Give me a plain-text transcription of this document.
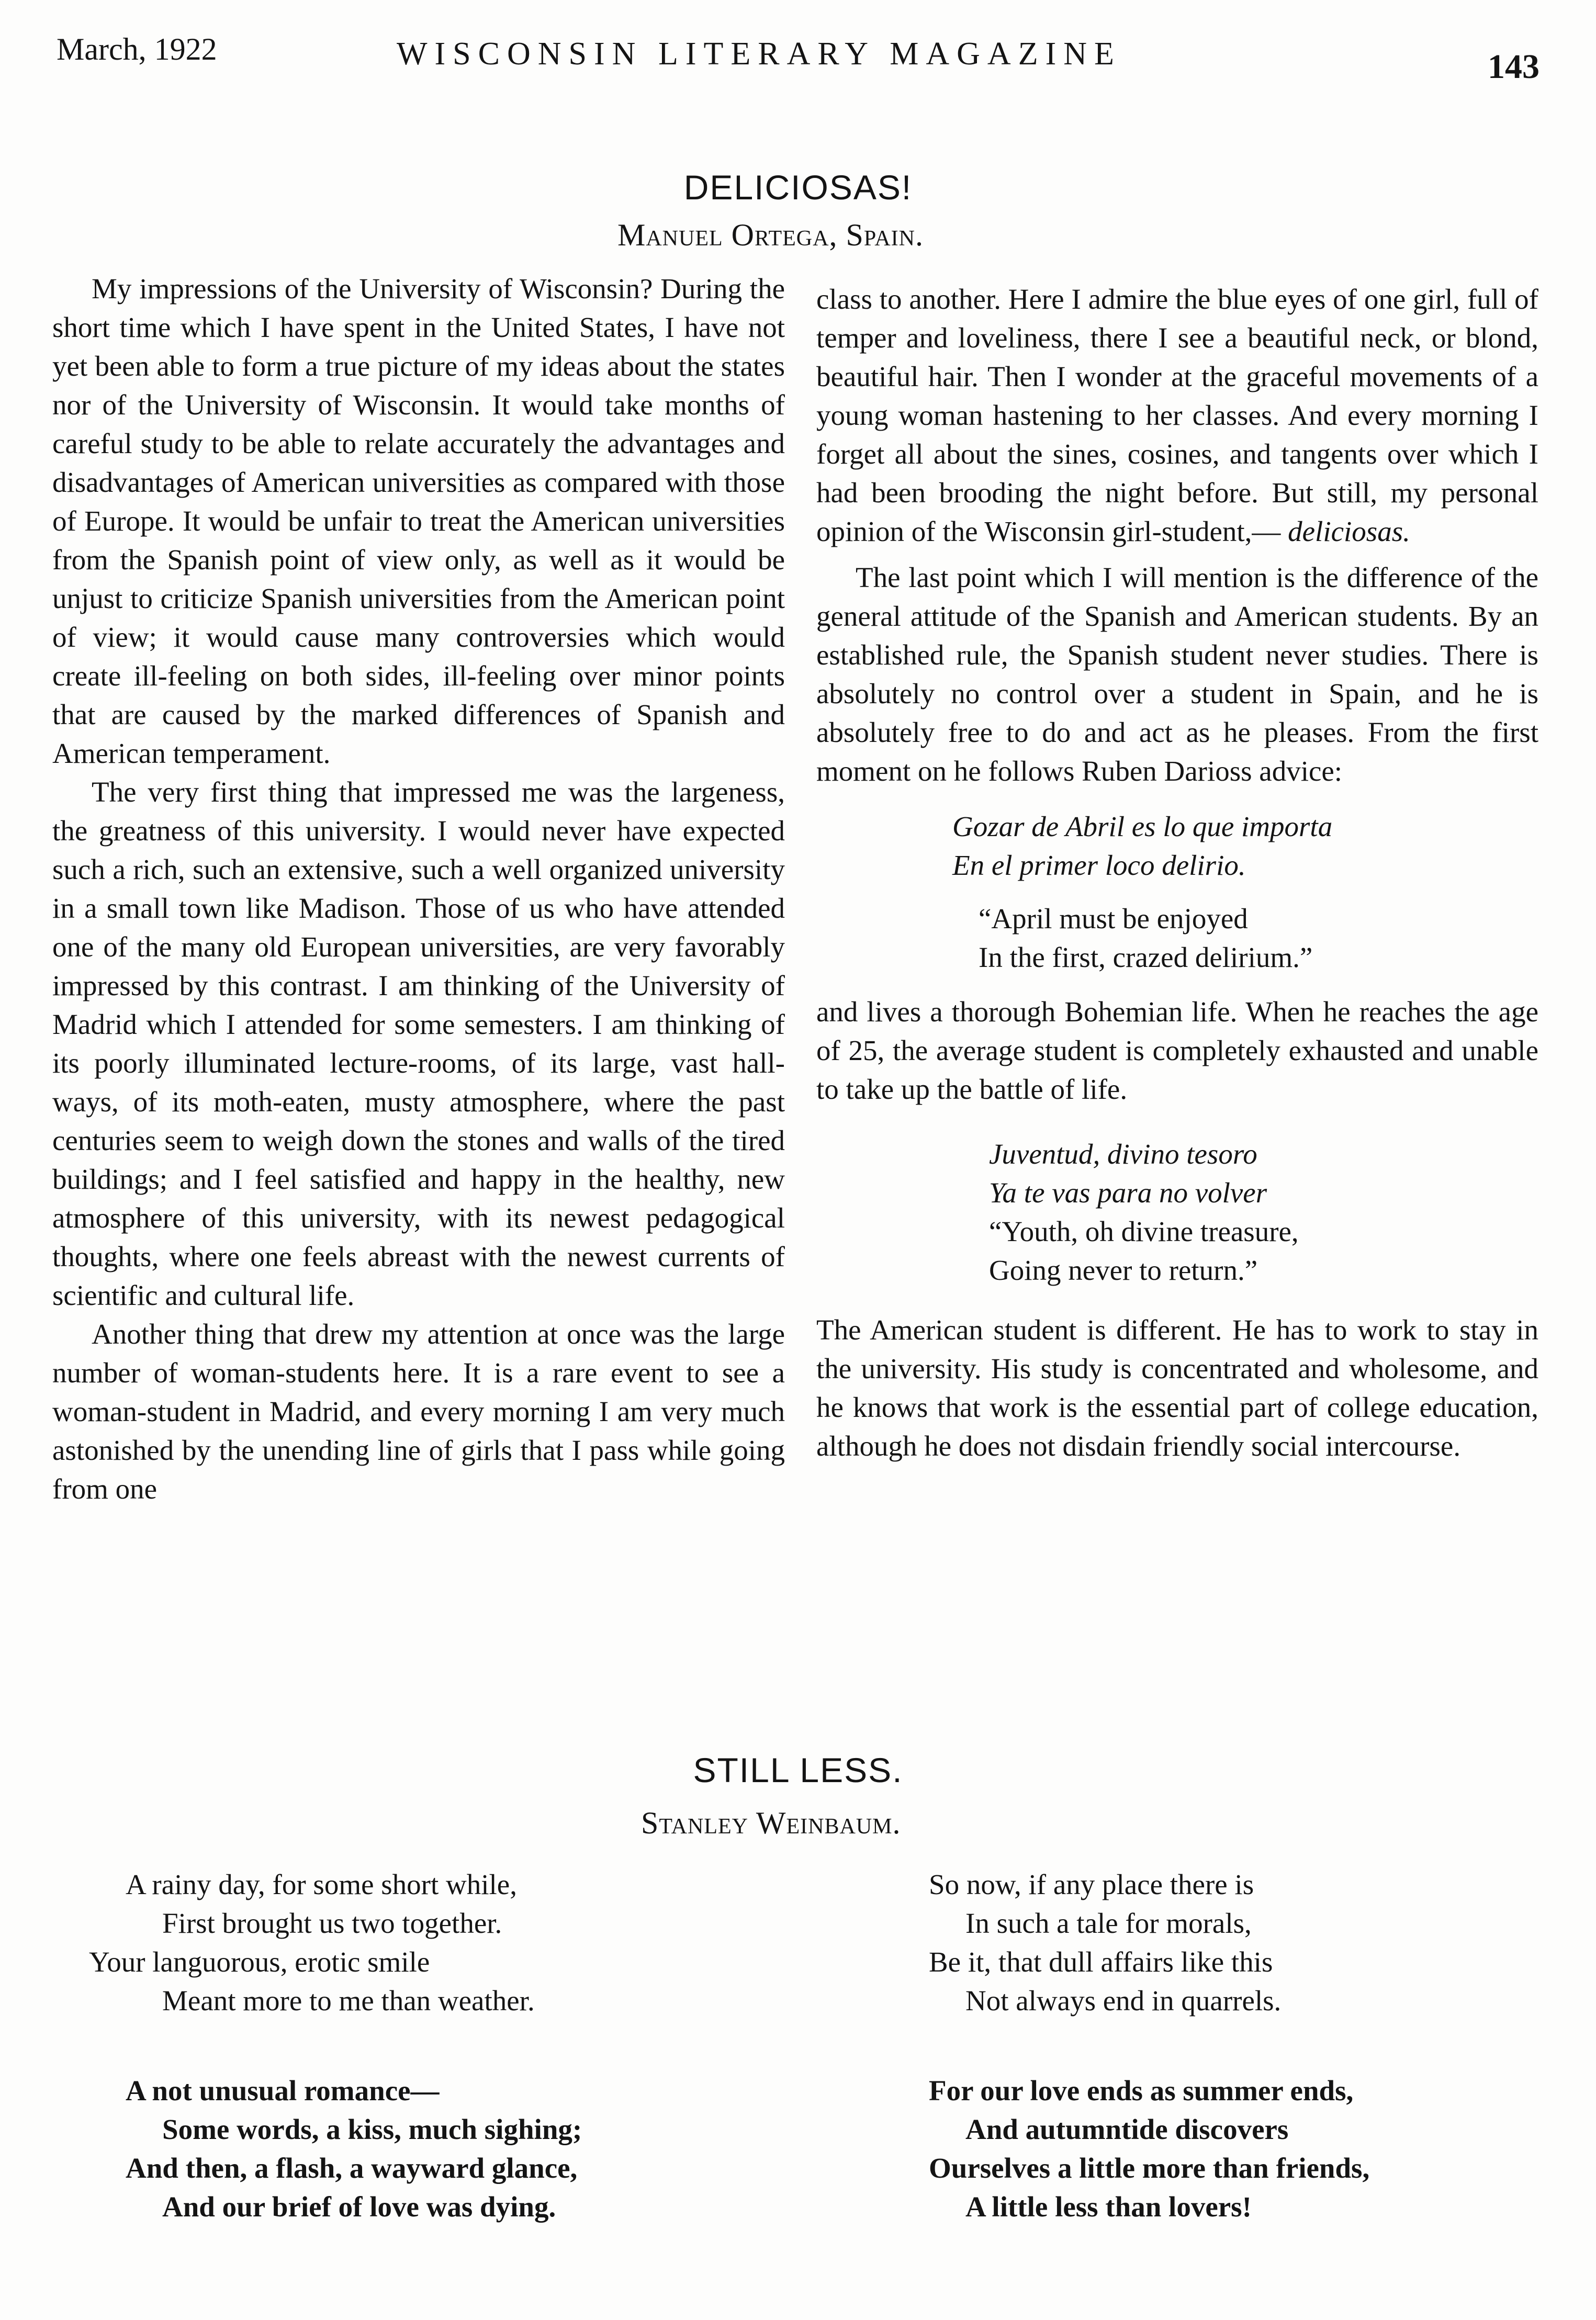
March, 1922	WISCONSIN LITERARY MAGAZINE	143
DELICIOSAS!
Manuel Ortega, Spain.

My impressions of the University of Wisconsin? During the short time which I have spent in the United States, I have not yet been able to form a true picture of my ideas about the states nor of the University of Wisconsin. It would take months of careful study to be able to relate accurately the advantages and disadvantages of American universities as compared with those of Europe. It would be unfair to treat the American universities from the Spanish point of view only, as well as it would be unjust to criticize Spanish universities from the American point of view; it would cause many controversies which would create ill-feeling on both sides, ill-feeling over minor points that are caused by the marked differences of Spanish and American temperament.

The very first thing that impressed me was the largeness, the greatness of this university. I would never have expected such a rich, such an extensive, such a well organized university in a small town like Madison. Those of us who have attended one of the many old European universities, are very favorably impressed by this contrast. I am thinking of the University of Madrid which I attended for some semesters. I am thinking of its poorly illuminated lecture-rooms, of its large, vast hall-ways, of its moth-eaten, musty atmosphere, where the past centuries seem to weigh down the stones and walls of the tired buildings; and I feel satisfied and happy in the healthy, new atmosphere of this university, with its newest pedagogical thoughts, where one feels abreast with the newest currents of scientific and cultural life.

Another thing that drew my attention at once was the large number of woman-students here. It is a rare event to see a woman-student in Madrid, and every morning I am very much astonished by the unending line of girls that I pass while going from one

class to another. Here I admire the blue eyes of one girl, full of temper and loveliness, there I see a beautiful neck, or blond, beautiful hair. Then I wonder at the graceful movements of a young woman hastening to her classes. And every morning I forget all about the sines, cosines, and tangents over which I had been brooding the night before. But still, my personal opinion of the Wisconsin girl-student,— deliciosas.

The last point which I will mention is the difference of the general attitude of the Spanish and American students. By an established rule, the Spanish student never studies. There is absolutely no control over a student in Spain, and he is absolutely free to do and act as he pleases. From the first moment on he follows Ruben Darioss advice:

Gozar de Abril es lo que importa
En el primer loco delirio.
“April must be enjoyed
In the first, crazed delirium.”

and lives a thorough Bohemian life. When he reaches the age of 25, the average student is completely exhausted and unable to take up the battle of life.

Juventud, divino tesoro
Ya te vas para no volver
“Youth, oh divine treasure,
Going never to return.”

The American student is different. He has to work to stay in the university. His study is concentrated and wholesome, and he knows that work is the essential part of college education, although he does not disdain friendly social intercourse.

STILL LESS.
Stanley Weinbaum.
A rainy day, for some short while,
First brought us two together.
Your languorous, erotic smile
Meant more to me than weather.
A not unusual romance—
Some words, a kiss, much sighing;
And then, a flash, a wayward glance,
And our brief of love was dying.
So now, if any place there is
In such a tale for morals,
Be it, that dull affairs like this
Not always end in quarrels.
For our love ends as summer ends,
And autumntide discovers
Ourselves a little more than friends,
A little less than lovers!
